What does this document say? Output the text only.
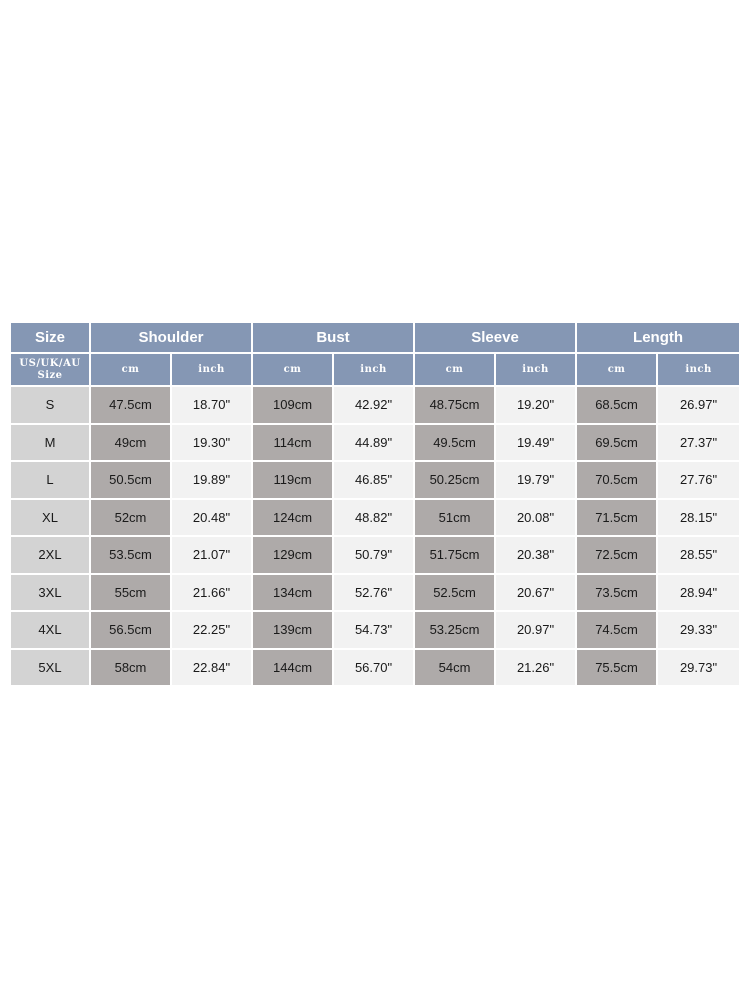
Size	Shoulder		Bust		Sleeve		Length	

US/UK/AU
Size	cm	inch	cm	inch	cm	inch	cm	inch
S	47.5cm	18.70"	109cm	42.92"	48.75cm	19.20"	68.5cm	26.97"
M	49cm	19.30"	114cm	44.89"	49.5cm	19.49"	69.5cm	27.37"
L	50.5cm	19.89"	119cm	46.85"	50.25cm	19.79"	70.5cm	27.76"
XL	52cm	20.48"	124cm	48.82"	51cm	20.08"	71.5cm	28.15"
2XL	53.5cm	21.07"	129cm	50.79"	51.75cm	20.38"	72.5cm	28.55"
3XL	55cm	21.66"	134cm	52.76"	52.5cm	20.67"	73.5cm	28.94"
4XL	56.5cm	22.25"	139cm	54.73"	53.25cm	20.97"	74.5cm	29.33"
5XL	58cm	22.84"	144cm	56.70"	54cm	21.26"	75.5cm	29.73"
